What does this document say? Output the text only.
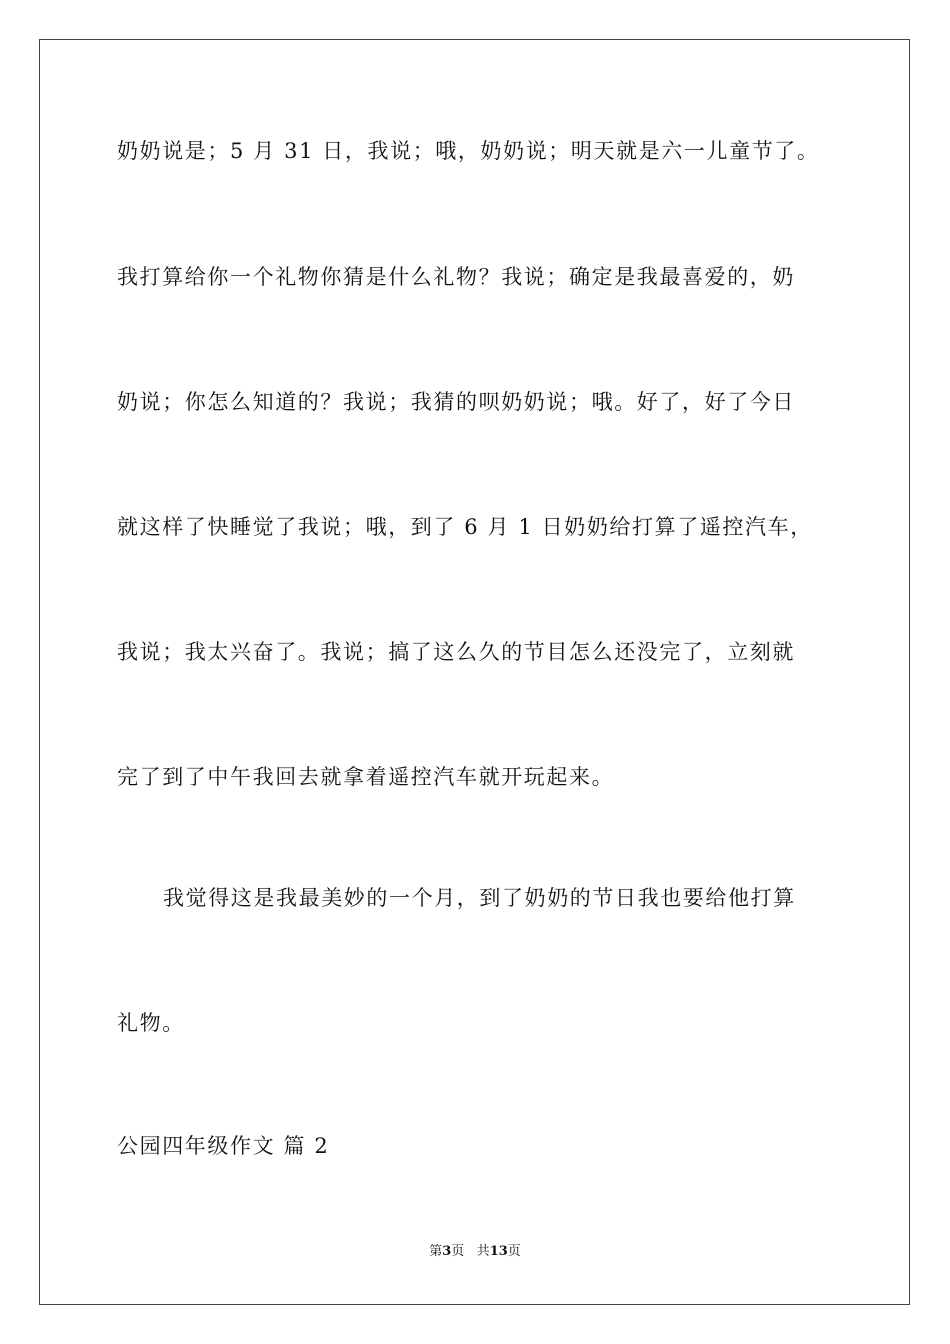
奶奶说是；5 月 31 日，我说；哦，奶奶说；明天就是六一儿童节了。
我打算给你一个礼物你猜是什么礼物？我说；确定是我最喜爱的，奶
奶说；你怎么知道的？我说；我猜的呗奶奶说；哦。好了，好了今日
就这样了快睡觉了我说；哦，到了 6 月 1 日奶奶给打算了遥控汽车，
我说；我太兴奋了。我说；搞了这么久的节目怎么还没完了，立刻就
完了到了中午我回去就拿着遥控汽车就开玩起来。
我觉得这是我最美妙的一个月，到了奶奶的节日我也要给他打算
礼物。
公园四年级作文 篇 2
第3页 共13页
